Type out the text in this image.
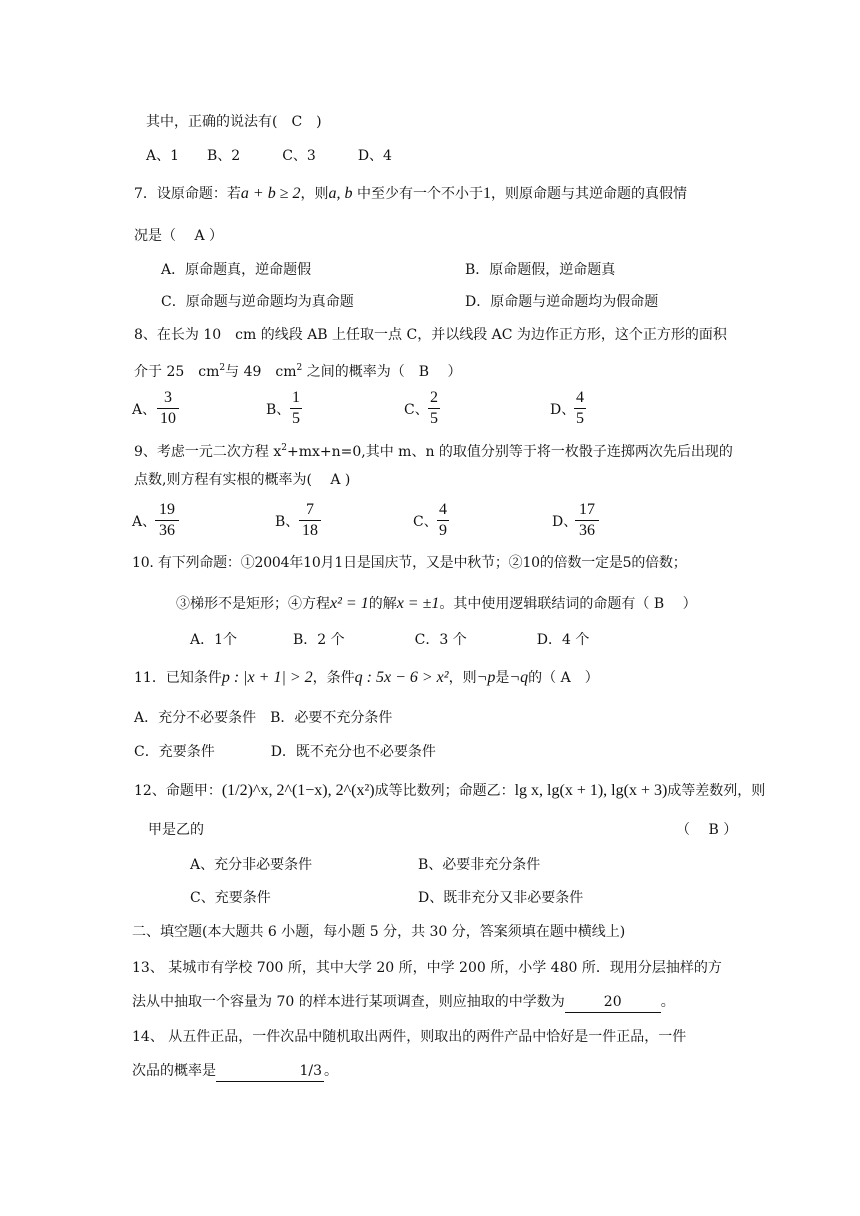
其中，正确的说法有(　C　)
A、1　　B、2　　　C、3　　　D、4
7．设原命题：若a + b ≥ 2，则a, b 中至少有一个不小于1，则原命题与其逆命题的真假情
况是（　 A ）
A．原命题真，逆命题假	B．原命题假，逆命题真
C．原命题与逆命题均为真命题	D．原命题与逆命题均为假命题
8、在长为 10　cm 的线段 AB 上任取一点 C，并以线段 AC 为边作正方形，这个正方形的面积
介于 25　$cm^2$与 49　$cm^2$ 之间的概率为（　B　 ）
A、
3
10	B、
1
5	C、
2
5	D、
4
5
9、考虑一元二次方程 $x^2+mx+n=0$,其中 m、n 的取值分别等于将一枚骰子连掷两次先后出现的
点数,则方程有实根的概率为(　 A )
A、
19
36	B、
7
18	C、
4
9	D、
17
36
10. 有下列命题：①2004年10月1日是国庆节，又是中秋节；②10的倍数一定是5的倍数；
③梯形不是矩形；④方程x² = 1的解x = ±1。其中使用逻辑联结词的命题有（ B　 ）
A．1个　　　　B．2 个　　　　　C．3 个　　　　　D．4 个
11．已知条件p : |x + 1| > 2，条件q : 5x − 6 > x²，则¬p是¬q的（ A　）
A．充分不必要条件　B．必要不充分条件
C．充要条件　　　　D．既不充分也不必要条件
12、命题甲：(1/2)^x, 2^(1−x), 2^(x²)成等比数列；命题乙：lg x, lg(x + 1), lg(x + 3)成等差数列，则
甲是乙的	（　 B ）
A、充分非必要条件	B、必要非充分条件
C、充要条件	D、既非充分又非必要条件
二、填空题(本大题共 6 小题，每小题 5 分，共 30 分，答案须填在题中横线上)
13、 某城市有学校 700 所，其中大学 20 所，中学 200 所，小学 480 所．现用分层抽样的方
法从中抽取一个容量为 70 的样本进行某项调查，则应抽取的中学数为	20	。
14、 从五件正品，一件次品中随机取出两件，则取出的两件产品中恰好是一件正品，一件
次品的概率是	1/3 。
